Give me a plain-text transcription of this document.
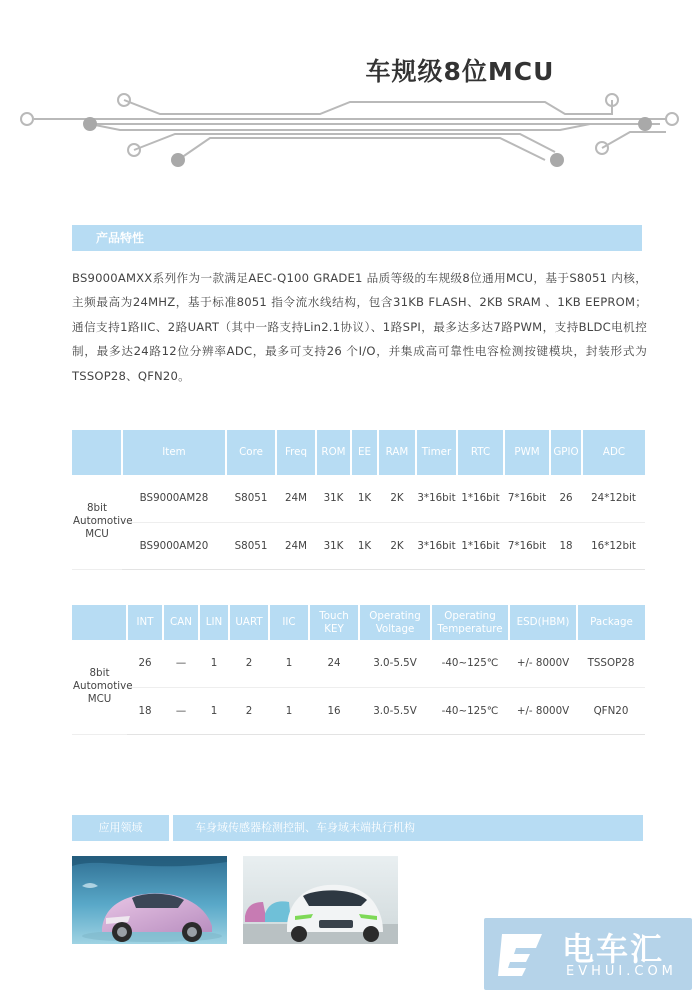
车规级8位MCU
产品特性

BS9000AMXX系列作为一款满足AEC-Q100 GRADE1 品质等级的车规级8位通用MCU，基于S8051 内核，主频最高为24MHZ，基于标准8051 指令流水线结构，包含31KB FLASH、2KB SRAM 、1KB EEPROM；通信支持1路IIC、2路UART（其中一路支持Lin2.1协议）、1路SPI，最多达多达7路PWM，支持BLDC电机控制，最多达24路12位分辨率ADC，最多可支持26 个I/O，并集成高可靠性电容检测按键模块，封装形式为TSSOP28、QFN20。

	Item	Core	Freq	ROM	EE	RAM	Timer	RTC	PWM	GPIO	ADC
8bit Automotive MCU	BS9000AM28	S8051	24M	31K	1K	2K	3*16bit	1*16bit	7*16bit	26	24*12bit
	BS9000AM20	S8051	24M	31K	1K	2K	3*16bit	1*16bit	7*16bit	18	16*12bit
	INT	CAN	LIN	UART	IIC	Touch KEY	Operating Voltage	Operating Temperature	ESD(HBM)	Package
8bit Automotive MCU	26	—	1	2	1	24	3.0-5.5V	-40~125℃	+/- 8000V	TSSOP28
	18	—	1	2	1	16	3.0-5.5V	-40~125℃	+/- 8000V	QFN20
应用领域	车身域传感器检测控制、车身域末端执行机构
电车汇
EVHUI.COM
